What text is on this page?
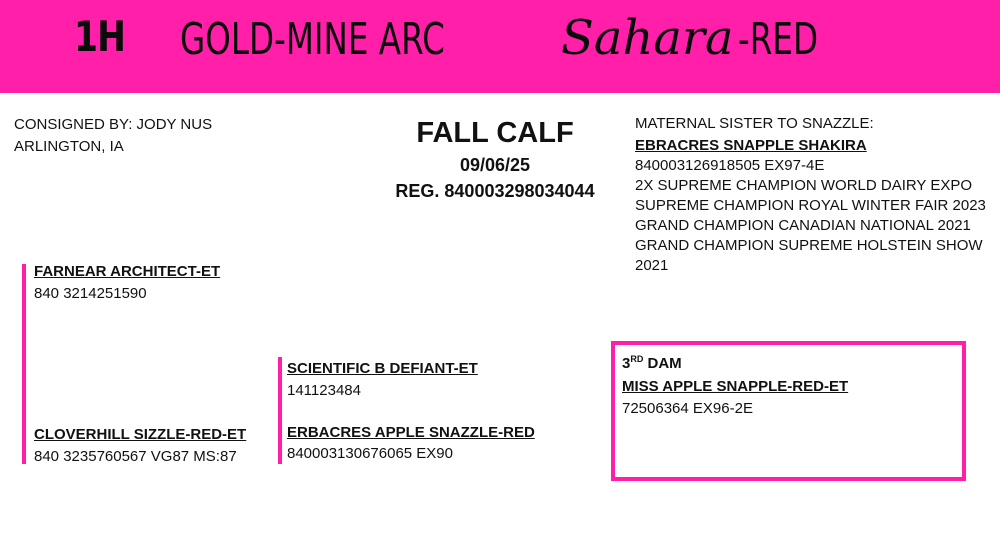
1H GOLD-MINE ARC Sahara -RED
CONSIGNED BY: JODY NUS
ARLINGTON, IA	FALL CALF
09/06/25
REG. 840003298034044
MATERNAL SISTER TO SNAZZLE:
EBRACRES SNAPPLE SHAKIRA
840003126918505 EX97-4E
2X SUPREME CHAMPION WORLD DAIRY EXPO
SUPREME CHAMPION ROYAL WINTER FAIR 2023
GRAND CHAMPION CANADIAN NATIONAL 2021
GRAND CHAMPION SUPREME HOLSTEIN SHOW
2021
FARNEAR ARCHITECT-ET
840 3214251590
CLOVERHILL SIZZLE-RED-ET
840 3235760567 VG87 MS:87
SCIENTIFIC B DEFIANT-ET
141123484
ERBACRES APPLE SNAZZLE-RED
840003130676065 EX90
3RD DAM
MISS APPLE SNAPPLE-RED-ET
72506364 EX96-2E
